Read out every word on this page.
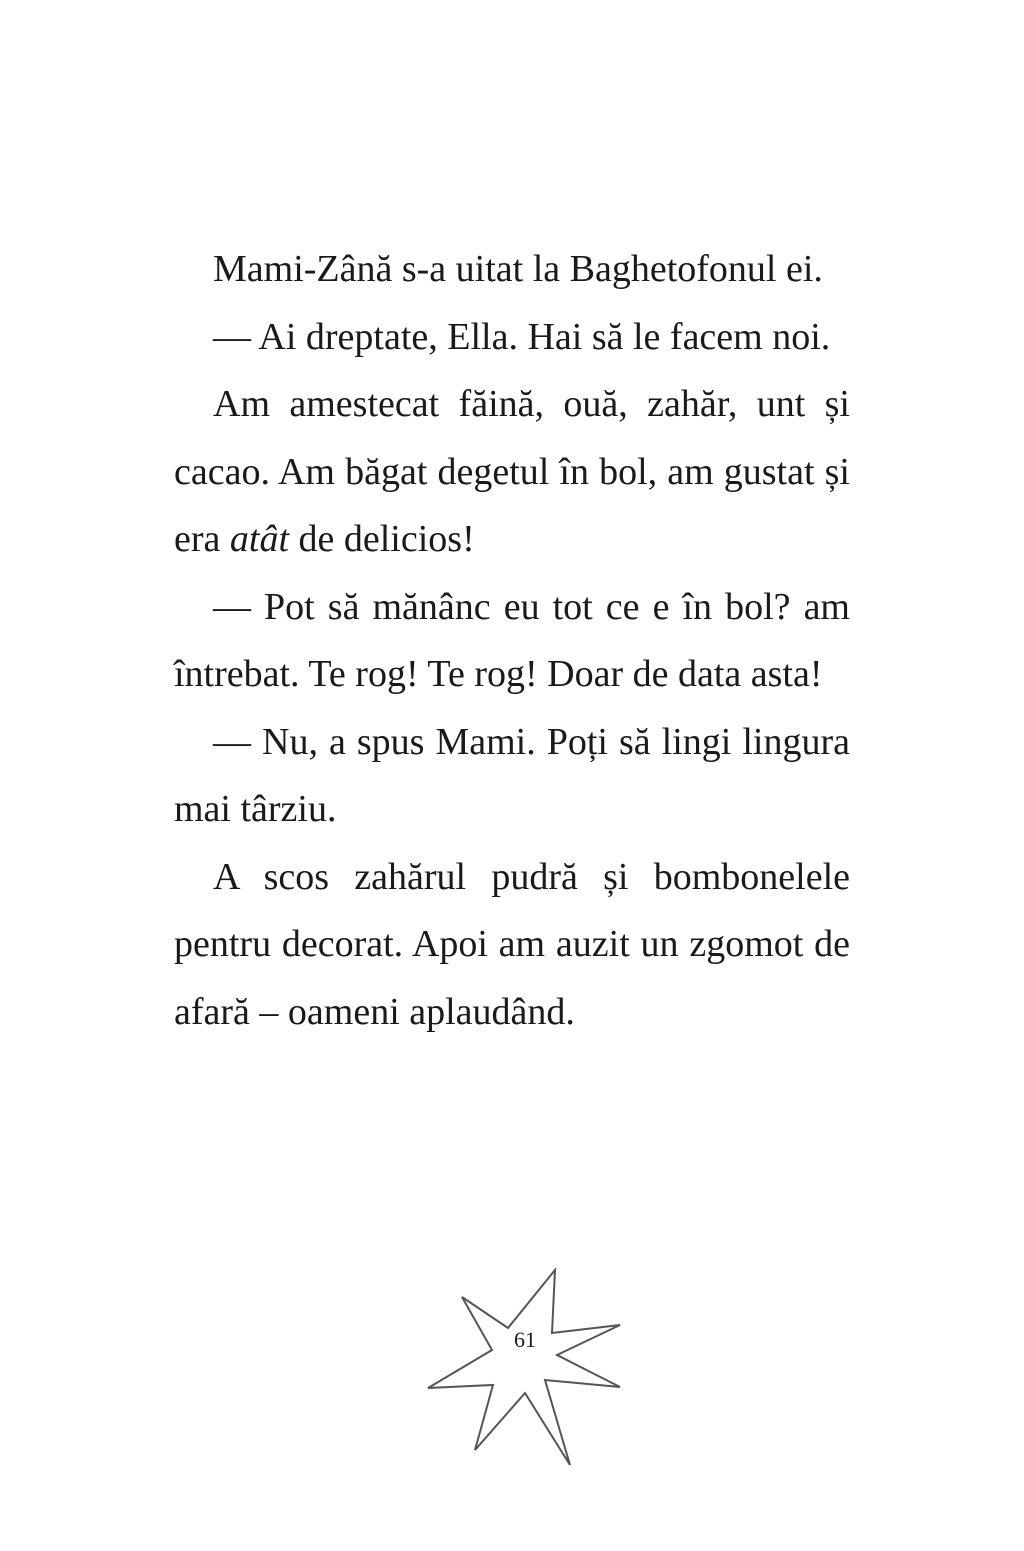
Mami-Zână s-a uitat la Baghetofonul ei.

— Ai dreptate, Ella. Hai să le facem noi.

Am amestecat făină, ouă, zahăr, unt și cacao. Am băgat degetul în bol, am gustat și era atât de delicios!

— Pot să mănânc eu tot ce e în bol? am întrebat. Te rog! Te rog! Doar de data asta!

— Nu, a spus Mami. Poți să lingi lingura mai târziu.

A scos zahărul pudră și bombonelele pentru decorat. Apoi am auzit un zgomot de afară – oameni aplaudând.

61
